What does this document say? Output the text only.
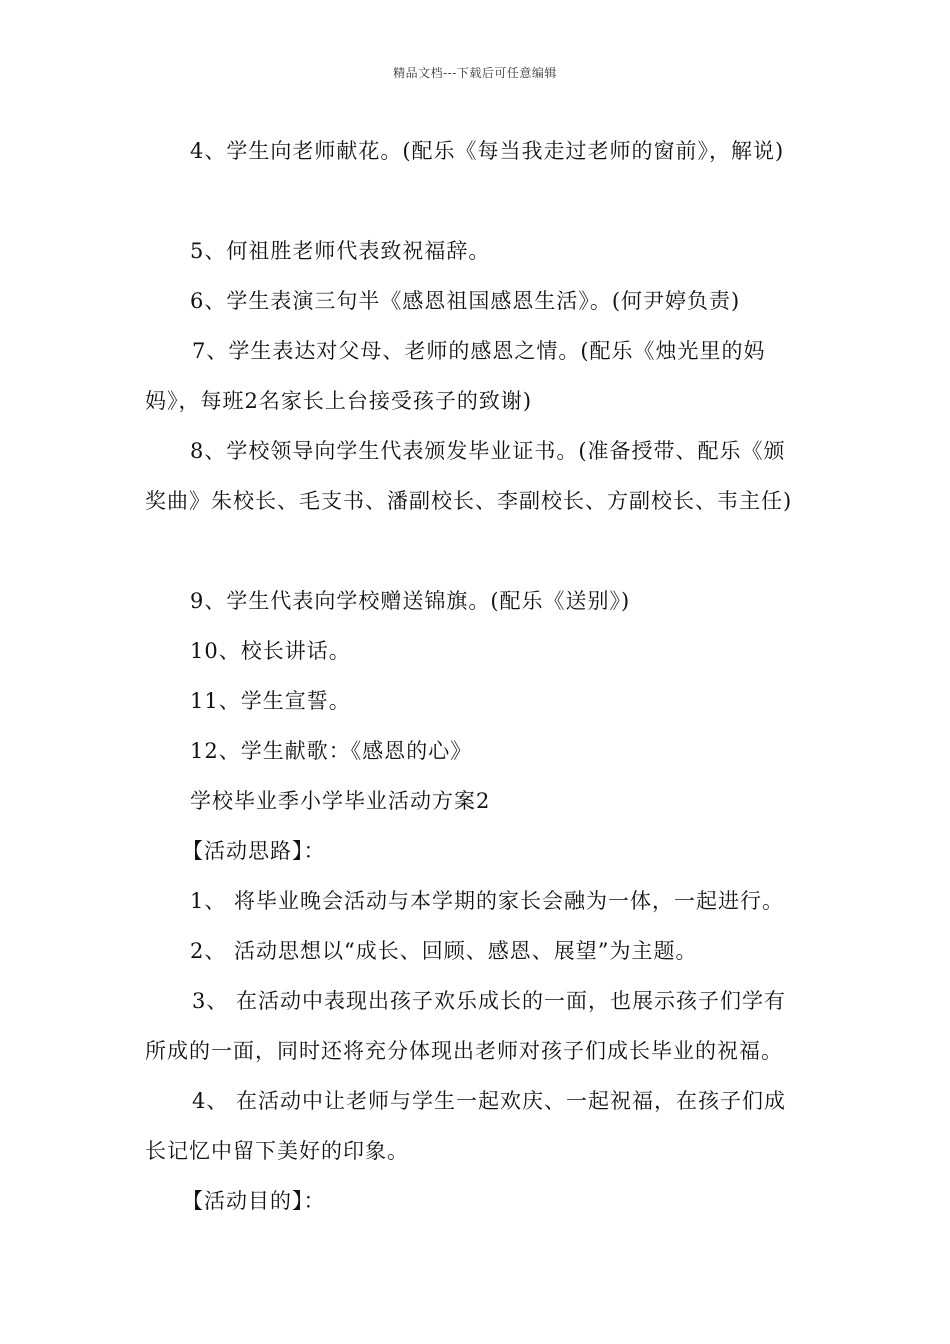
精品文档---下载后可任意编辑
4、学生向老师献花。(配乐《每当我走过老师的窗前》，解说)
5、何祖胜老师代表致祝福辞。
6、学生表演三句半《感恩祖国感恩生活》。(何尹婷负责)
7、学生表达对父母、老师的感恩之情。(配乐《烛光里的妈
妈》，每班2名家长上台接受孩子的致谢)
8、学校领导向学生代表颁发毕业证书。(准备授带、配乐《颁
奖曲》朱校长、毛支书、潘副校长、李副校长、方副校长、韦主任)
9、学生代表向学校赠送锦旗。(配乐《送别》)
10、校长讲话。
11、学生宣誓。
12、学生献歌：《感恩的心》
学校毕业季小学毕业活动方案2
【活动思路】：
1、 将毕业晚会活动与本学期的家长会融为一体，一起进行。
2、 活动思想以“成长、回顾、感恩、展望”为主题。
3、 在活动中表现出孩子欢乐成长的一面，也展示孩子们学有
所成的一面，同时还将充分体现出老师对孩子们成长毕业的祝福。
4、 在活动中让老师与学生一起欢庆、一起祝福，在孩子们成
长记忆中留下美好的印象。
【活动目的】：
